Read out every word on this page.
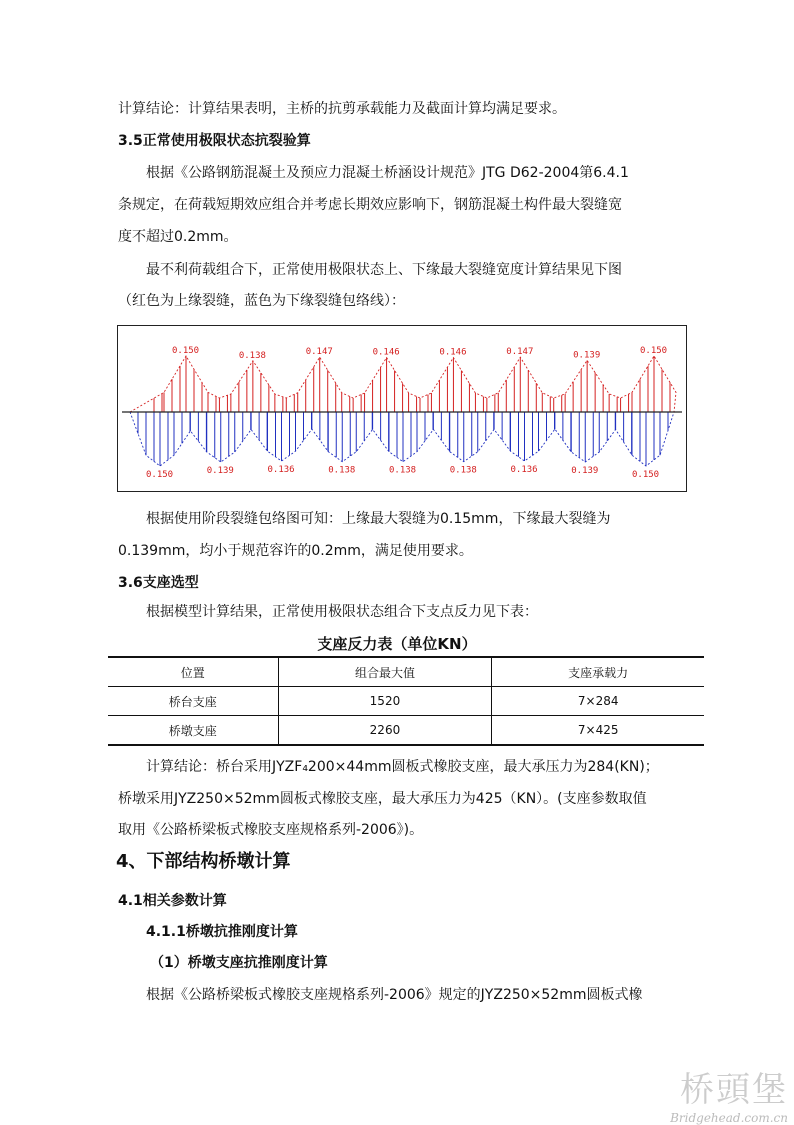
计算结论：计算结果表明，主桥的抗剪承载能力及截面计算均满足要求。
3.5正常使用极限状态抗裂验算
根据《公路钢筋混凝土及预应力混凝土桥涵设计规范》JTG D62-2004第6.4.1
条规定，在荷载短期效应组合并考虑长期效应影响下，钢筋混凝土构件最大裂缝宽
度不超过0.2mm。
最不利荷载组合下，正常使用极限状态上、下缘最大裂缝宽度计算结果见下图
（红色为上缘裂缝，蓝色为下缘裂缝包络线）：
0.150	0.138	0.147	0.146	0.146	0.147	0.139	0.150
0.150	0.139	0.136	0.138	0.138	0.138	0.136	0.139	0.150
根据使用阶段裂缝包络图可知：上缘最大裂缝为0.15mm，下缘最大裂缝为
0.139mm，均小于规范容许的0.2mm，满足使用要求。
3.6支座选型
根据模型计算结果，正常使用极限状态组合下支点反力见下表：
支座反力表（单位KN）
位置	组合最大值	支座承载力
桥台支座	1520	7×284
桥墩支座	2260	7×425
计算结论：桥台采用JYZF₄200×44mm圆板式橡胶支座，最大承压力为284(KN)；
桥墩采用JYZ250×52mm圆板式橡胶支座，最大承压力为425（KN）。(支座参数取值
取用《公路桥梁板式橡胶支座规格系列-2006》)。
4、下部结构桥墩计算
4.1相关参数计算
4.1.1桥墩抗推刚度计算
（1）桥墩支座抗推刚度计算
根据《公路桥梁板式橡胶支座规格系列-2006》规定的JYZ250×52mm圆板式橡
桥頭堡
Bridgehead.com.cn
